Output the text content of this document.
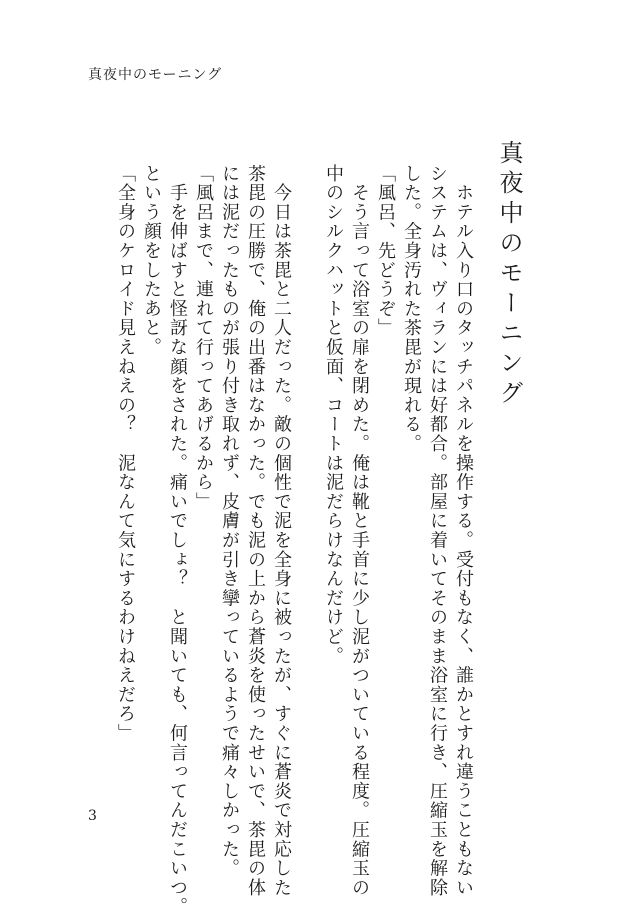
真夜中のモーニング
真夜中のモーニング
　ホテル入り口のタッチパネルを操作する。受付もなく、誰かとすれ違うこともない
システムは、ヴィランには好都合。部屋に着いてそのまま浴室に行き、圧縮玉を解除
した。全身汚れた茶毘が現れる。
「風呂、先どうぞ」
　そう言って浴室の扉を閉めた。俺は靴と手首に少し泥がついている程度。圧縮玉の
中のシルクハットと仮面、コートは泥だらけなんだけど。
　今日は茶毘と二人だった。敵の個性で泥を全身に被ったが、すぐに蒼炎で対応した
茶毘の圧勝で、俺の出番はなかった。でも泥の上から蒼炎を使ったせいで、茶毘の体
には泥だったものが張り付き取れず、皮膚が引き攣っているようで痛々しかった。
「風呂まで、連れて行ってあげるから」
　手を伸ばすと怪訝な顔をされた。痛いでしょ？　と聞いても、何言ってんだこいつ。
という顔をしたあと。
「全身のケロイド見えねえの？　泥なんて気にするわけねえだろ」
3
